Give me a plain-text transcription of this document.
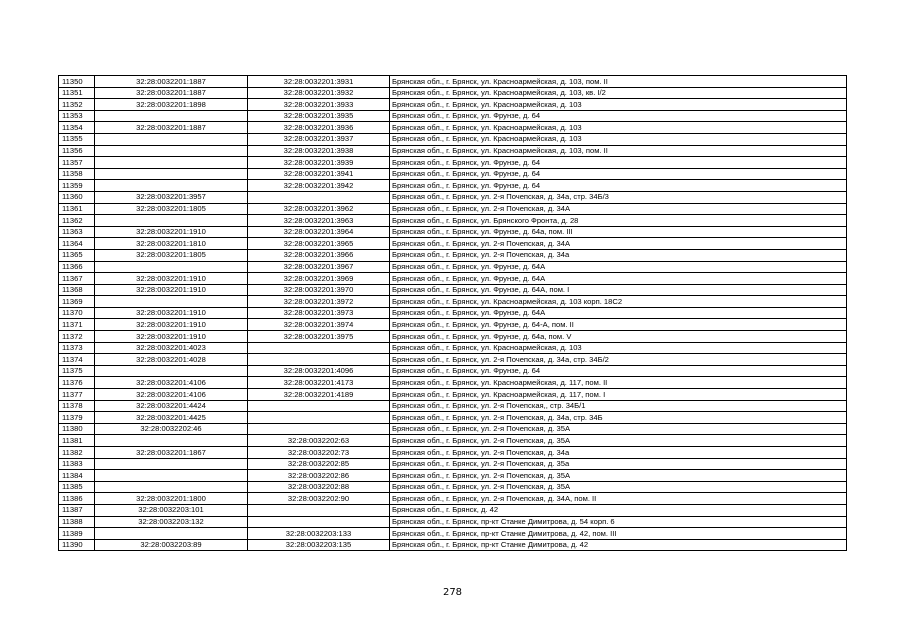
11350	32:28:0032201:1887	32:28:0032201:3931	Брянская обл., г. Брянск, ул. Красноармейская, д. 103, пом. II
11351	32:28:0032201:1887	32:28:0032201:3932	Брянская обл., г. Брянск, ул. Красноармейская, д. 103, кв. I/2
11352	32:28:0032201:1898	32:28:0032201:3933	Брянская обл., г. Брянск, ул. Красноармейская, д. 103
11353		32:28:0032201:3935	Брянская обл., г. Брянск, ул. Фрунзе, д. 64
11354	32:28:0032201:1887	32:28:0032201:3936	Брянская обл., г. Брянск, ул. Красноармейская, д. 103
11355		32:28:0032201:3937	Брянская обл., г. Брянск, ул. Красноармейская, д. 103
11356		32:28:0032201:3938	Брянская обл., г. Брянск, ул. Красноармейская, д. 103, пом. II
11357		32:28:0032201:3939	Брянская обл., г. Брянск, ул. Фрунзе, д. 64
11358		32:28:0032201:3941	Брянская обл., г. Брянск, ул. Фрунзе, д. 64
11359		32:28:0032201:3942	Брянская обл., г. Брянск, ул. Фрунзе, д. 64
11360	32:28:0032201:3957		Брянская обл., г. Брянск, ул. 2-я Почепская, д. 34а, стр. 34Б/3
11361	32:28:0032201:1805	32:28:0032201:3962	Брянская обл., г. Брянск, ул. 2-я Почепская, д. 34А
11362		32:28:0032201:3963	Брянская обл., г. Брянск, ул. Брянского Фронта, д. 28
11363	32:28:0032201:1910	32:28:0032201:3964	Брянская обл., г. Брянск, ул. Фрунзе, д. 64а, пом. III
11364	32:28:0032201:1810	32:28:0032201:3965	Брянская обл., г. Брянск, ул. 2-я Почепская, д. 34А
11365	32:28:0032201:1805	32:28:0032201:3966	Брянская обл., г. Брянск, ул. 2-я Почепская, д. 34а
11366		32:28:0032201:3967	Брянская обл., г. Брянск, ул. Фрунзе, д. 64А
11367	32:28:0032201:1910	32:28:0032201:3969	Брянская обл., г. Брянск, ул. Фрунзе, д. 64А
11368	32:28:0032201:1910	32:28:0032201:3970	Брянская обл., г. Брянск, ул. Фрунзе, д. 64А, пом. I
11369		32:28:0032201:3972	Брянская обл., г. Брянск, ул. Красноармейская, д. 103 корп. 18С2
11370	32:28:0032201:1910	32:28:0032201:3973	Брянская обл., г. Брянск, ул. Фрунзе, д. 64А
11371	32:28:0032201:1910	32:28:0032201:3974	Брянская обл., г. Брянск, ул. Фрунзе, д. 64-А, пом. II
11372	32:28:0032201:1910	32:28:0032201:3975	Брянская обл., г. Брянск, ул. Фрунзе, д. 64а, пом. V
11373	32:28:0032201:4023		Брянская обл., г. Брянск, ул. Красноармейская, д. 103
11374	32:28:0032201:4028		Брянская обл., г. Брянск, ул. 2-я Почепская, д. 34а, стр. 34Б/2
11375		32:28:0032201:4096	Брянская обл., г. Брянск, ул. Фрунзе, д. 64
11376	32:28:0032201:4106	32:28:0032201:4173	Брянская обл., г. Брянск, ул. Красноармейская, д. 117, пом. II
11377	32:28:0032201:4106	32:28:0032201:4189	Брянская обл., г. Брянск, ул. Красноармейская, д. 117, пом. I
11378	32:28:0032201:4424		Брянская обл., г. Брянск, ул. 2-я Почепская,, стр. 34Б/1
11379	32:28:0032201:4425		Брянская обл., г. Брянск, ул. 2-я Почепская, д. 34а, стр. 34Б
11380	32:28:0032202:46		Брянская обл., г. Брянск, ул. 2-я Почепская, д. 35А
11381		32:28:0032202:63	Брянская обл., г. Брянск, ул. 2-я Почепская, д. 35А
11382	32:28:0032201:1867	32:28:0032202:73	Брянская обл., г. Брянск, ул. 2-я Почепская, д. 34а
11383		32:28:0032202:85	Брянская обл., г. Брянск, ул. 2-я Почепская, д. 35а
11384		32:28:0032202:86	Брянская обл., г. Брянск, ул. 2-я Почепская, д. 35А
11385		32:28:0032202:88	Брянская обл., г. Брянск, ул. 2-я Почепская, д. 35А
11386	32:28:0032201:1800	32:28:0032202:90	Брянская обл., г. Брянск, ул. 2-я Почепская, д. 34А, пом. II
11387	32:28:0032203:101		Брянская обл., г. Брянск, д. 42
11388	32:28:0032203:132		Брянская обл., г. Брянск, пр-кт Станке Димитрова, д. 54 корп. 6
11389		32:28:0032203:133	Брянская обл., г. Брянск, пр-кт Станке Димитрова, д. 42, пом. III
11390	32:28:0032203:89	32:28:0032203:135	Брянская обл., г. Брянск, пр-кт Станке Димитрова, д. 42
278
